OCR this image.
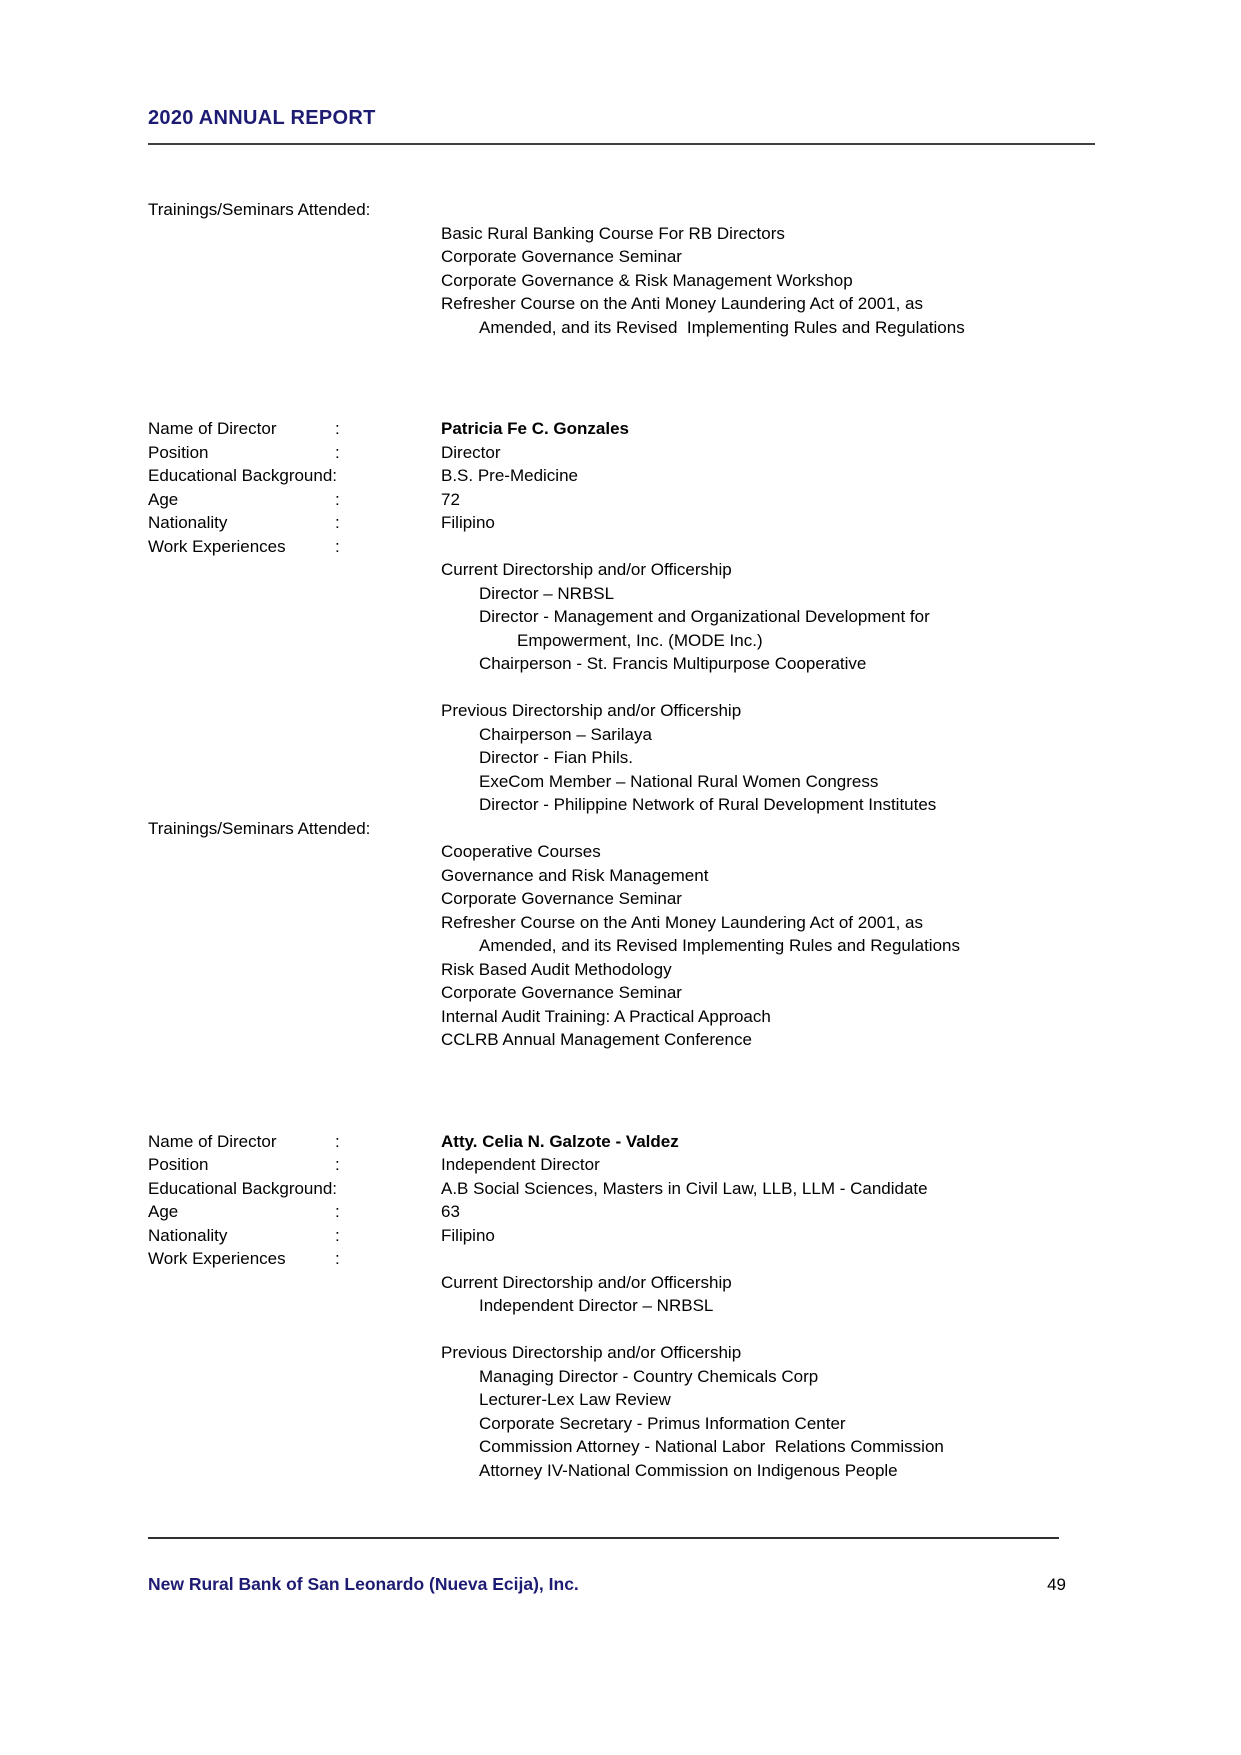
2020 ANNUAL REPORT
Trainings/Seminars Attended:
Basic Rural Banking Course For RB Directors
Corporate Governance Seminar
Corporate Governance & Risk Management Workshop
Refresher Course on the Anti Money Laundering Act of 2001, as
Amended, and its Revised  Implementing Rules and Regulations
Name of Director	:	Patricia Fe C. Gonzales
Position	:	Director
Educational Background:	B.S. Pre-Medicine
Age	:	72
Nationality	:	Filipino
Work Experiences	:
Current Directorship and/or Officership
Director – NRBSL
Director - Management and Organizational Development for
Empowerment, Inc. (MODE Inc.)
Chairperson - St. Francis Multipurpose Cooperative
Previous Directorship and/or Officership
Chairperson – Sarilaya
Director - Fian Phils.
ExeCom Member – National Rural Women Congress
Director - Philippine Network of Rural Development Institutes
Trainings/Seminars Attended:
Cooperative Courses
Governance and Risk Management
Corporate Governance Seminar
Refresher Course on the Anti Money Laundering Act of 2001, as
Amended, and its Revised Implementing Rules and Regulations
Risk Based Audit Methodology
Corporate Governance Seminar
Internal Audit Training: A Practical Approach
CCLRB Annual Management Conference
Name of Director	:	Atty. Celia N. Galzote - Valdez
Position	:	Independent Director
Educational Background:	A.B Social Sciences, Masters in Civil Law, LLB, LLM - Candidate
Age	:	63
Nationality	:	Filipino
Work Experiences	:
Current Directorship and/or Officership
Independent Director – NRBSL
Previous Directorship and/or Officership
Managing Director - Country Chemicals Corp
Lecturer-Lex Law Review
Corporate Secretary - Primus Information Center
Commission Attorney - National Labor  Relations Commission
Attorney IV-National Commission on Indigenous People
New Rural Bank of San Leonardo (Nueva Ecija), Inc.	49
